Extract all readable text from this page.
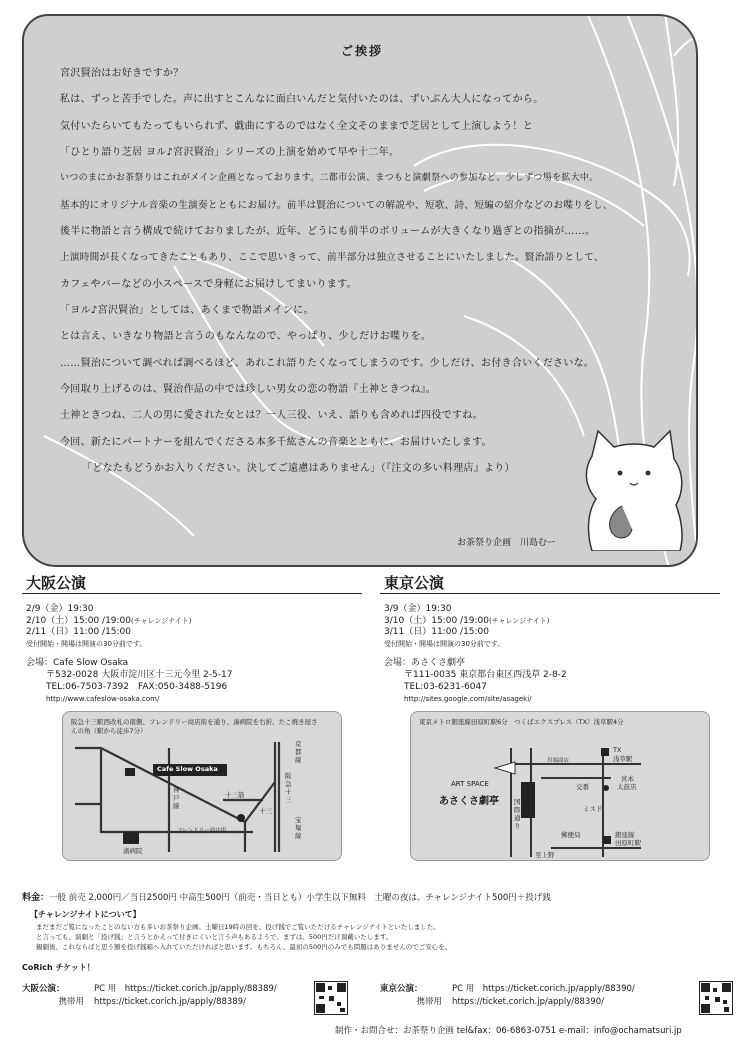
ご挨拶
宮沢賢治はお好きですか？
私は、ずっと苦手でした。声に出すとこんなに面白いんだと気付いたのは、ずいぶん大人になってから。
気付いたらいてもたってもいられず、戯曲にするのではなく全文そのままで芝居として上演しよう！と
「ひとり語り芝居 ヨル♪宮沢賢治」シリーズの上演を始めて早や十二年。
いつのまにかお茶祭りはこれがメイン企画となっております。二都市公演、まつもと演劇祭への参加など、少しずつ場を拡大中。
基本的にオリジナル音楽の生演奏とともにお届け。前半は賢治についての解説や、短歌、詩、短編の紹介などのお喋りをし、
後半に物語と言う構成で続けておりましたが、近年、どうにも前半のボリュームが大きくなり過ぎとの指摘が……。
上演時間が長くなってきたこともあり、ここで思いきって、前半部分は独立させることにいたしました。賢治語りとして、
カフェやバーなどの小スペースで身軽にお届けしてまいります。
「ヨル♪宮沢賢治」としては、あくまで物語メインに。
とは言え、いきなり物語と言うのもなんなので、やっぱり、少しだけお喋りを。
……賢治について調べれば調べるほど、あれこれ語りたくなってしまうのです。少しだけ、お付き合いくださいな。
今回取り上げるのは、賢治作品の中では珍しい男女の恋の物語『土神ときつね』。
土神ときつね、二人の男に愛された女とは？一人三役、いえ、語りも含めれば四役ですね。
今回、新たにパートナーを組んでくださる本多千紘さんの音楽とともに、お届けいたします。
「どなたもどうかお入りください。決してご遠慮はありません」（『注文の多い料理店』より）
お茶祭り企画　川島むー
大阪公演
2/9（金）19:30
2/10（土）15:00 /19:00(チャレンジナイト)
2/11（日）11:00 /15:00
受付開始・開場は開演の30分前です。
会場：Cafe Slow Osaka
〒532-0028 大阪市淀川区十三元今里 2-5-17
TEL:06-7503-7392　FAX:050-3488-5196
http://www.cafeslow-osaka.com/
阪急十三駅西改札の南側、フレンドリー商店街を通り、湊病院を右折、たこ焼き屋さんの角（駅から徒歩7分）
Cafe Slow Osaka
十三筋
十三
阪急十三
京都線
宝塚線
神戸線
フレンドリー商店街
渚病院
東京公演
3/9（金）19:30
3/10（土）15:00 /19:00(チャレンジナイト)
3/11（日）11:00 /15:00
受付開始・開場は開演の30分前です。
会場：あさくさ劇亭
〒111-0035 東京都台東区西浅草 2-8-2
TEL:03-6231-6047
http://sites.google.com/site/asageki/
東京メトロ銀座線田原町駅6分　つくばエクスプレス（TX）浅草駅4分
TX
浅草駅
川端商店
宮本
太鼓店
交番
ミスド
郵便局	銀座線
田原町駅
国際通り
至上野
ART SPACE
あさくさ劇亭
料金：一般 前売 2,000円／当日2500円 中高生500円（前売・当日とも）小学生以下無料　土曜の夜は、チャレンジナイト500円＋投げ銭
【チャレンジナイトについて】
まだまだご覧になったことのない方も多いお茶祭り企画。土曜日19時の回を、投げ銭でご覧いただけるチャレンジナイトといたしました。
と言っても、演劇と「投げ銭」と言うとかえって付きにくいと言う声もあるようで、まずは、500円だけ頂戴いたします。
観劇後、これならばと思う額を投げ銭箱へ入れていただければと思います。もちろん、最初の500円のみでも問題はありませんのでご安心を。
CoRich チケット！
大阪公演：	PC 用　 https://ticket.corich.jp/apply/88389/
携帯用 https://ticket.corich.jp/apply/88389/
東京公演：	PC 用　 https://ticket.corich.jp/apply/88390/
携帯用 https://ticket.corich.jp/apply/88390/
制作・お問合せ：お茶祭り企画 tel&fax：06-6863-0751 e-mail：info@ochamatsuri.jp
